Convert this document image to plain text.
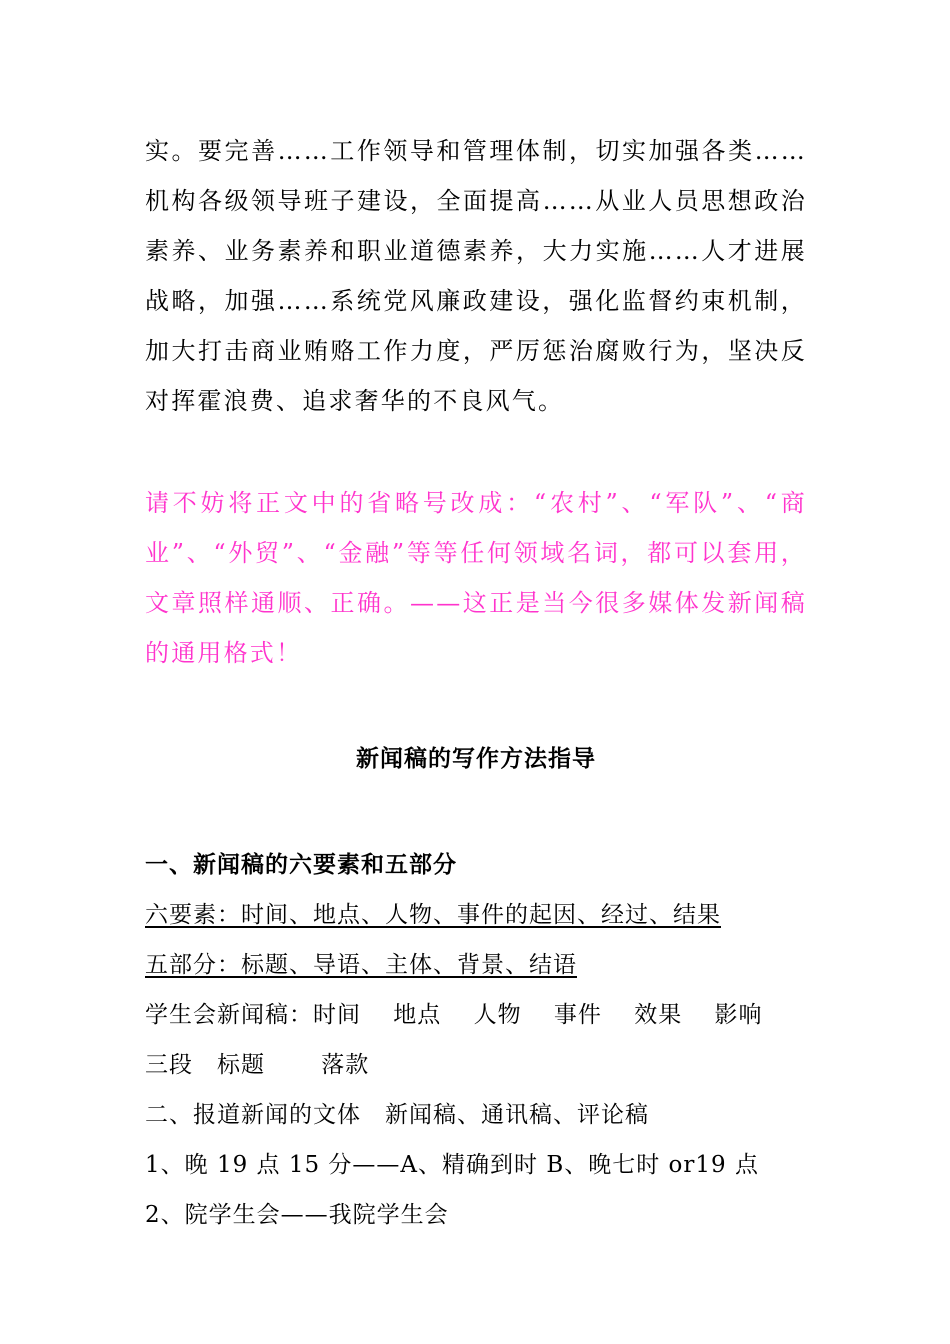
实。要完善……工作领导和管理体制，切实加强各类……机构各级领导班子建设，全面提高……从业人员思想政治素养、业务素养和职业道德素养，大力实施……人才进展战略，加强……系统党风廉政建设，强化监督约束机制，加大打击商业贿赂工作力度，严厉惩治腐败行为，坚决反对挥霍浪费、追求奢华的不良风气。

请不妨将正文中的省略号改成：“农村”、“军队”、“商业”、“外贸”、“金融”等等任何领域名词，都可以套用，文章照样通顺、正确。——这正是当今很多媒体发新闻稿的通用格式！

新闻稿的写作方法指导

一、新闻稿的六要素和五部分

六要素：时间、地点、人物、事件的起因、经过、结果

五部分：标题、导语、主体、背景、结语

学生会新闻稿：时间　 地点　 人物　 事件　 效果　 影响　三段　标题　　 落款

二、报道新闻的文体　新闻稿、通讯稿、评论稿

1、晚 19 点 15 分——A、精确到时 B、晚七时 or19 点

2、院学生会——我院学生会
